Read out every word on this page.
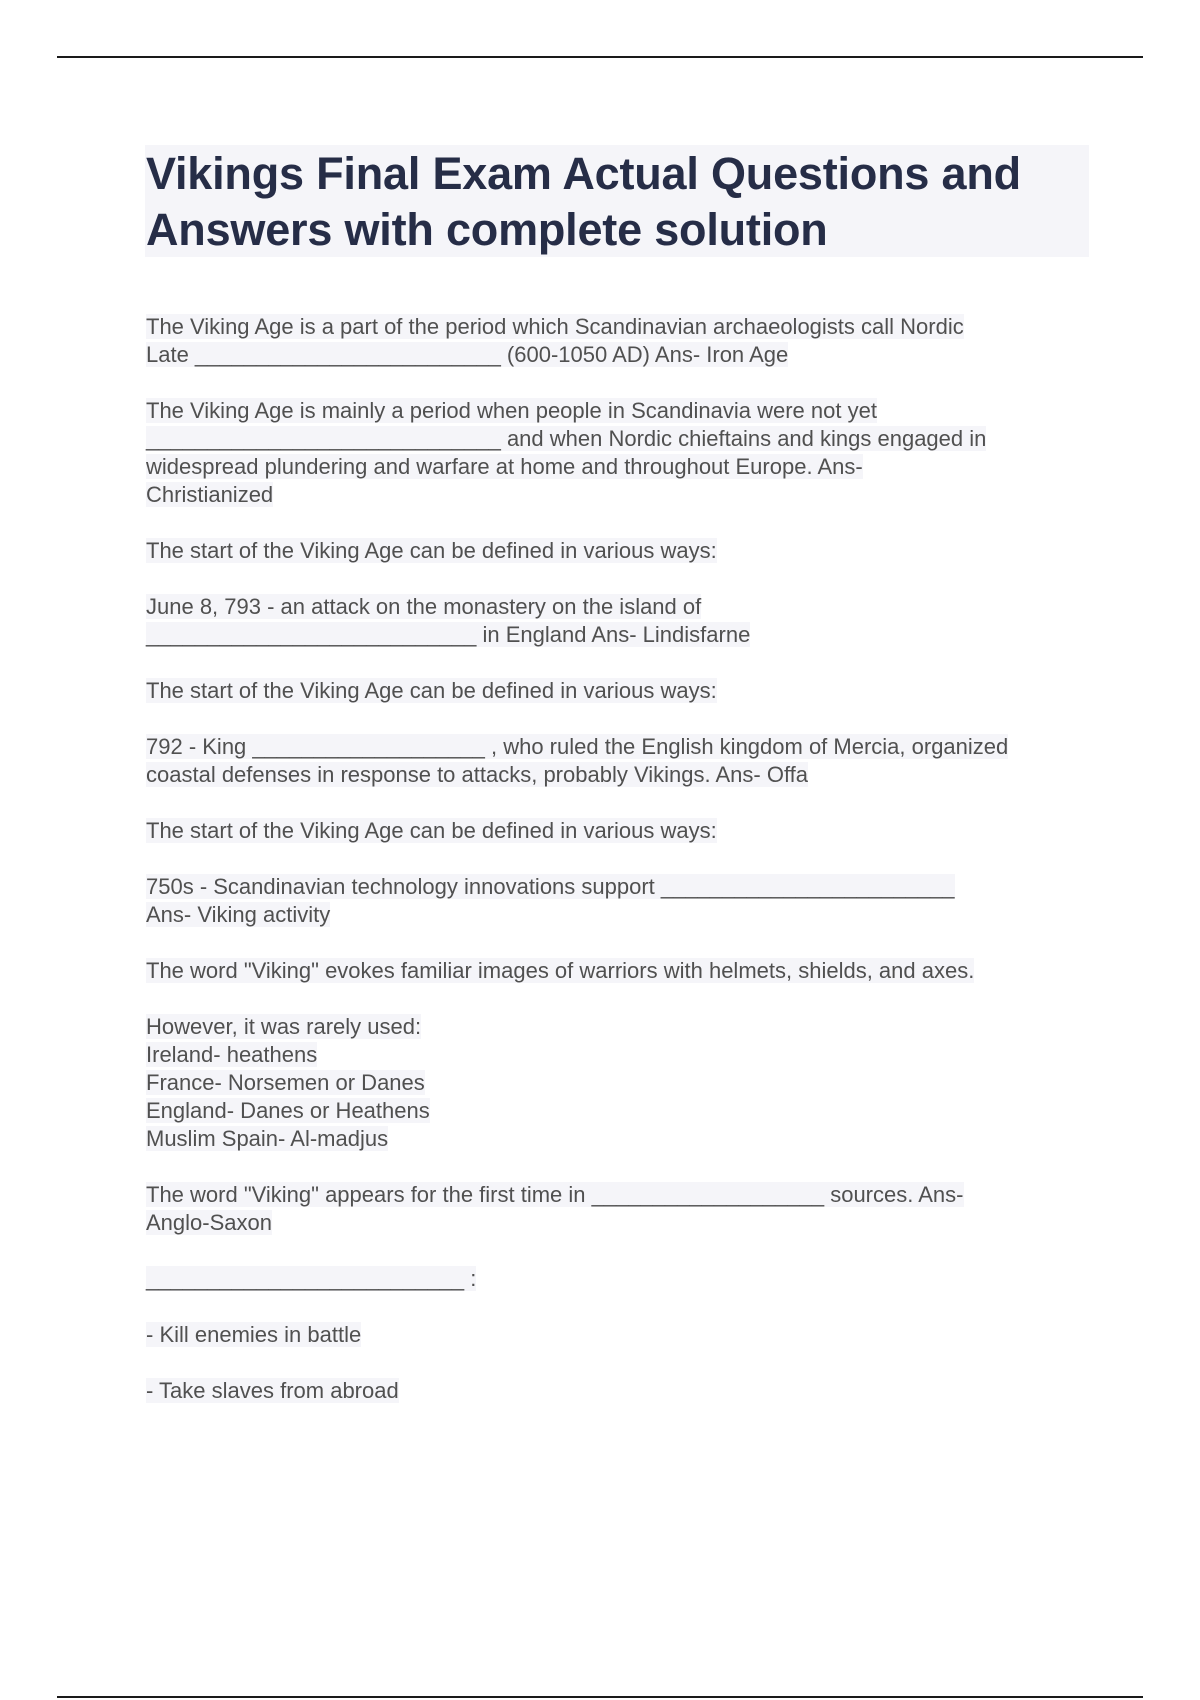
Vikings Final Exam Actual Questions and Answers with complete solution

The Viking Age is a part of the period which Scandinavian archaeologists call Nordic
Late _________________________ (600-1050 AD) Ans- Iron Age

The Viking Age is mainly a period when people in Scandinavia were not yet
_____________________________ and when Nordic chieftains and kings engaged in
widespread plundering and warfare at home and throughout Europe. Ans-
Christianized

The start of the Viking Age can be defined in various ways:

June 8, 793 - an attack on the monastery on the island of
___________________________ in England Ans- Lindisfarne

The start of the Viking Age can be defined in various ways:

792 - King ___________________ , who ruled the English kingdom of Mercia, organized
coastal defenses in response to attacks, probably Vikings. Ans- Offa

The start of the Viking Age can be defined in various ways:

750s - Scandinavian technology innovations support ________________________
Ans- Viking activity

The word "Viking" evokes familiar images of warriors with helmets, shields, and axes.

However, it was rarely used:
Ireland- heathens
France- Norsemen or Danes
England- Danes or Heathens
Muslim Spain- Al-madjus

The word "Viking" appears for the first time in ___________________ sources. Ans-
Anglo-Saxon

__________________________ :

- Kill enemies in battle

- Take slaves from abroad
